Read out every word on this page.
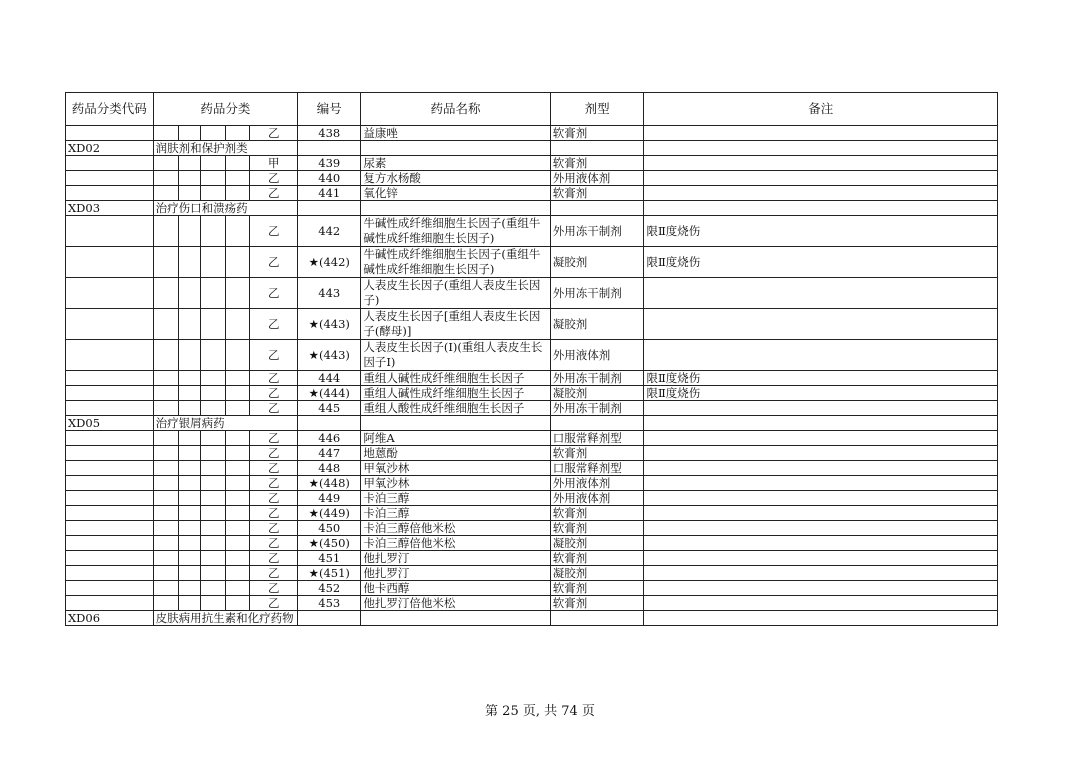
药品分类代码	药品分类					编号	药品名称	剂型	备注
					乙	438	益康唑	软膏剂	
XD02	润肤剂和保护剂类								
					甲	439	尿素	软膏剂	
					乙	440	复方水杨酸	外用液体剂	
					乙	441	氧化锌	软膏剂	
XD03	治疗伤口和溃疡药								
					乙	442	牛碱性成纤维细胞生长因子(重组牛碱性成纤维细胞生长因子)	外用冻干制剂	限Ⅱ度烧伤
					乙	★(442)	牛碱性成纤维细胞生长因子(重组牛碱性成纤维细胞生长因子)	凝胶剂	限Ⅱ度烧伤
					乙	443	人表皮生长因子(重组人表皮生长因子)	外用冻干制剂	
					乙	★(443)	人表皮生长因子[重组人表皮生长因子(酵母)]	凝胶剂	
					乙	★(443)	人表皮生长因子(Ⅰ)(重组人表皮生长因子Ⅰ)	外用液体剂	
					乙	444	重组人碱性成纤维细胞生长因子	外用冻干制剂	限Ⅱ度烧伤
					乙	★(444)	重组人碱性成纤维细胞生长因子	凝胶剂	限Ⅱ度烧伤
					乙	445	重组人酸性成纤维细胞生长因子	外用冻干制剂	
XD05	治疗银屑病药								
					乙	446	阿维A	口服常释剂型	
					乙	447	地蒽酚	软膏剂	
					乙	448	甲氧沙林	口服常释剂型	
					乙	★(448)	甲氧沙林	外用液体剂	
					乙	449	卡泊三醇	外用液体剂	
					乙	★(449)	卡泊三醇	软膏剂	
					乙	450	卡泊三醇倍他米松	软膏剂	
					乙	★(450)	卡泊三醇倍他米松	凝胶剂	
					乙	451	他扎罗汀	软膏剂	
					乙	★(451)	他扎罗汀	凝胶剂	
					乙	452	他卡西醇	软膏剂	
					乙	453	他扎罗汀倍他米松	软膏剂	
XD06	皮肤病用抗生素和化疗药物								
第 25 页, 共 74 页
